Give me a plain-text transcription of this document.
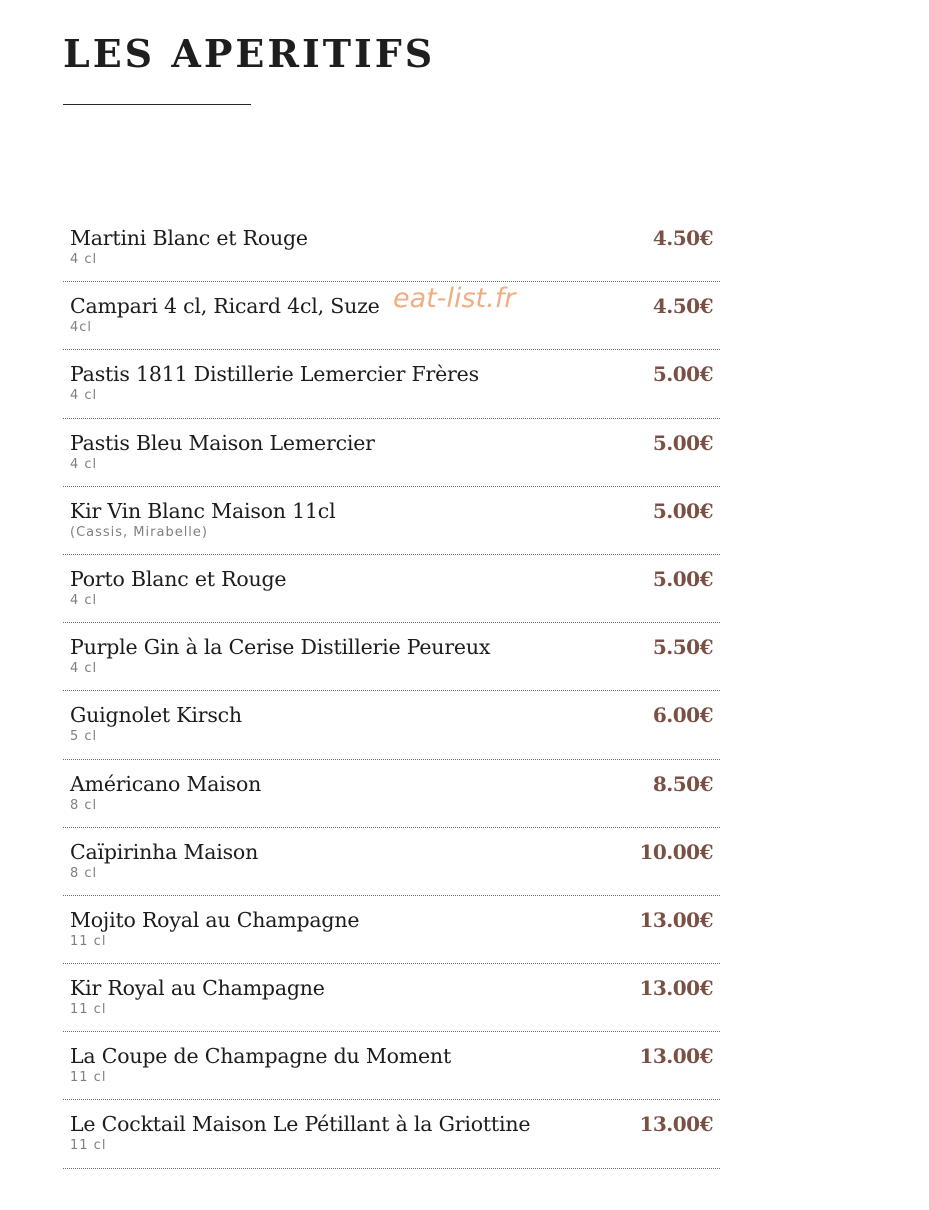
LES APERITIFS
Martini Blanc et Rouge
4 cl
4.50€
Campari 4 cl, Ricard 4cl, Suze
4cl
4.50€
Pastis 1811 Distillerie Lemercier Frères
4 cl
5.00€
Pastis Bleu Maison Lemercier
4 cl
5.00€
Kir Vin Blanc Maison 11cl
(Cassis, Mirabelle)
5.00€
Porto Blanc et Rouge
4 cl
5.00€
Purple Gin à la Cerise Distillerie Peureux
4 cl
5.50€
Guignolet Kirsch
5 cl
6.00€
Américano Maison
8 cl
8.50€
Caïpirinha Maison
8 cl
10.00€
Mojito Royal au Champagne
11 cl
13.00€
Kir Royal au Champagne
11 cl
13.00€
La Coupe de Champagne du Moment
11 cl
13.00€
Le Cocktail Maison Le Pétillant à la Griottine
11 cl
13.00€
eat-list.fr
